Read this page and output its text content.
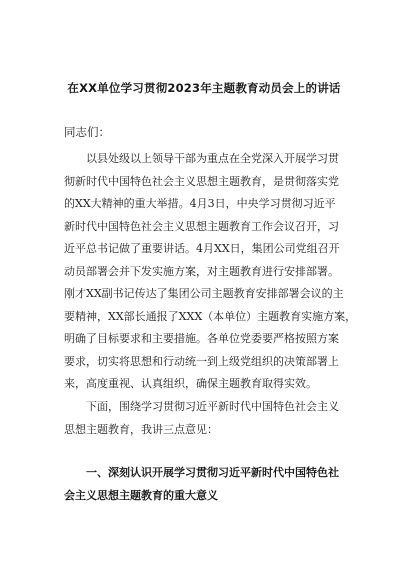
在XX单位学习贯彻2023年主题教育动员会上的讲话
同志们：
以县处级以上领导干部为重点在全党深入开展学习贯
彻新时代中国特色社会主义思想主题教育，是贯彻落实党
的XX大精神的重大举措。4月3日，中央学习贯彻习近平
新时代中国特色社会主义思想主题教育工作会议召开，习
近平总书记做了重要讲话。4月XX日，集团公司党组召开
动员部署会并下发实施方案，对主题教育进行安排部署。
刚才XX副书记传达了集团公司主题教育安排部署会议的主
要精神，XX部长通报了XXX（本单位）主题教育实施方案，
明确了目标要求和主要措施。各单位党委要严格按照方案
要求，切实将思想和行动统一到上级党组织的决策部署上
来，高度重视、认真组织，确保主题教育取得实效。
下面，围绕学习贯彻习近平新时代中国特色社会主义
思想主题教育，我讲三点意见：
一、深刻认识开展学习贯彻习近平新时代中国特色社
会主义思想主题教育的重大意义
